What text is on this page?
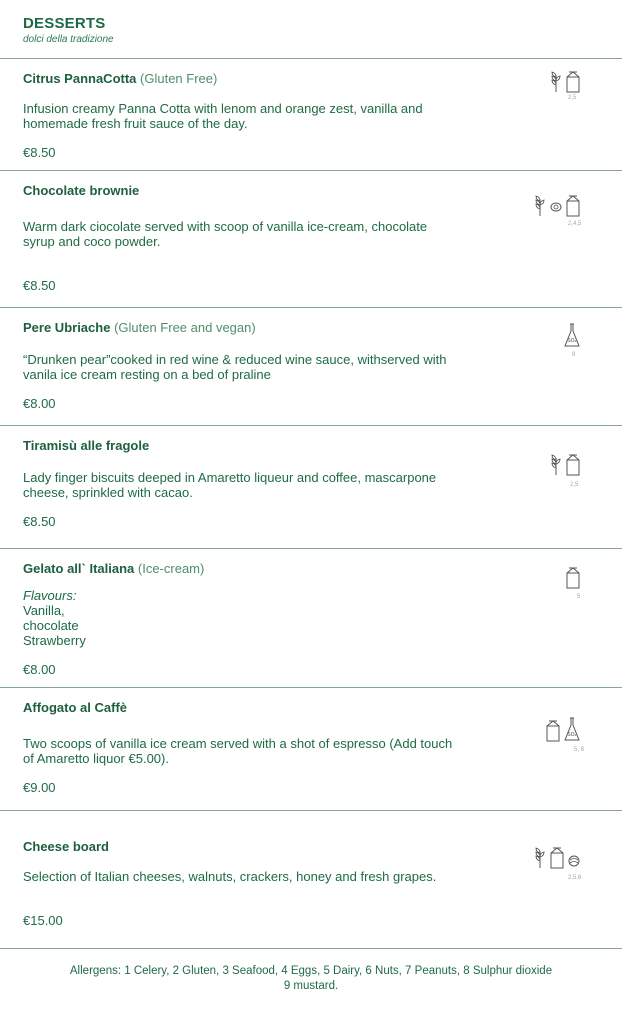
DESSERTS
dolci della tradizione
Citrus PannaCotta (Gluten Free)
Infusion creamy Panna Cotta with lenom and orange zest, vanilla and homemade fresh fruit sauce of the day.
€8.50
2,5
Chocolate brownie
Warm dark ciocolate served with scoop of vanilla ice-cream, chocolate syrup and coco powder.
€8.50
2,4,5
Pere Ubriache (Gluten Free and vegan)
“Drunken pear”cooked in red wine & reduced wine sauce, withserved with vanila ice cream resting on a bed of praline
€8.00
SO₂
8
Tiramisù alle fragole
Lady finger biscuits deeped in Amaretto liqueur and coffee, mascarpone cheese, sprinkled with cacao.
€8.50
2,5
Gelato all` Italiana (Ice-cream)
Flavours:
Vanilla,
chocolate
Strawberry
€8.00
5
Affogato al Caffè
Two scoops of vanilla ice cream served with a shot of espresso (Add touch of Amaretto liquor €5.00).
€9.00
SO₂
5, 8
Cheese board
Selection of Italian cheeses, walnuts, crackers, honey and fresh grapes.
€15.00
2,5,6
Allergens: 1 Celery, 2 Gluten, 3 Seafood, 4 Eggs, 5 Dairy, 6 Nuts, 7 Peanuts, 8 Sulphur dioxide
9 mustard.
